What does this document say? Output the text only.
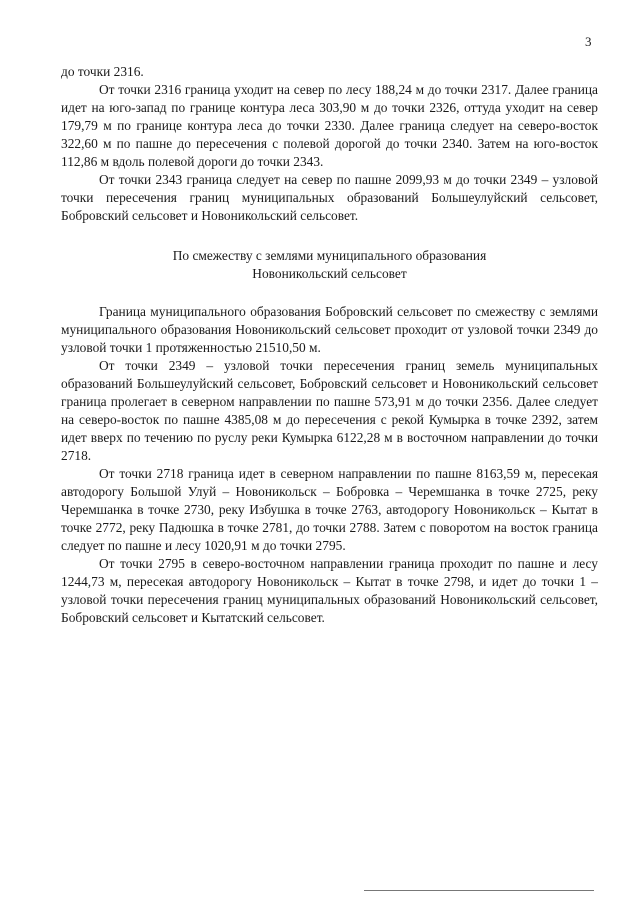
3

до точки 2316.

От точки 2316 граница уходит на север по лесу 188,24 м до точки 2317. Далее граница идет на юго-запад по границе контура леса 303,90 м до точки 2326, оттуда уходит на север 179,79 м по границе контура леса до точки 2330. Далее граница следует на северо-восток 322,60 м по пашне до пересечения с полевой дорогой до точки 2340. Затем на юго-восток 112,86 м вдоль полевой дороги до точки 2343.

От точки 2343 граница следует на север по пашне 2099,93 м до точки 2349 – узловой точки пересечения границ муниципальных образований Большеулуйский сельсовет, Бобровский сельсовет и Новоникольский сельсовет.

По смежеству с землями муниципального образования
Новоникольский сельсовет

Граница муниципального образования Бобровский сельсовет по смежеству с землями муниципального образования Новоникольский сельсовет проходит от узловой точки 2349 до узловой точки 1 протяженностью 21510,50 м.

От точки 2349 – узловой точки пересечения границ земель муниципальных образований Большеулуйский сельсовет, Бобровский сельсовет и Новоникольский сельсовет граница пролегает в северном направлении по пашне 573,91 м до точки 2356. Далее следует на северо-восток по пашне 4385,08 м до пересечения с рекой Кумырка в точке 2392, затем идет вверх по течению по руслу реки Кумырка 6122,28 м в восточном направлении до точки 2718.

От точки 2718 граница идет в северном направлении по пашне 8163,59 м, пересекая автодорогу Большой Улуй – Новоникольск – Бобровка – Черемшанка в точке 2725, реку Черемшанка в точке 2730, реку Избушка в точке 2763, автодорогу Новоникольск – Кытат в точке 2772, реку Падюшка в точке 2781, до точки 2788. Затем с поворотом на восток граница следует по пашне и лесу 1020,91 м до точки 2795.

От точки 2795 в северо-восточном направлении граница проходит по пашне и лесу 1244,73 м, пересекая автодорогу Новоникольск – Кытат в точке 2798, и идет до точки 1 – узловой точки пересечения границ муниципальных образований Новоникольский сельсовет, Бобровский сельсовет и Кытатский сельсовет.
